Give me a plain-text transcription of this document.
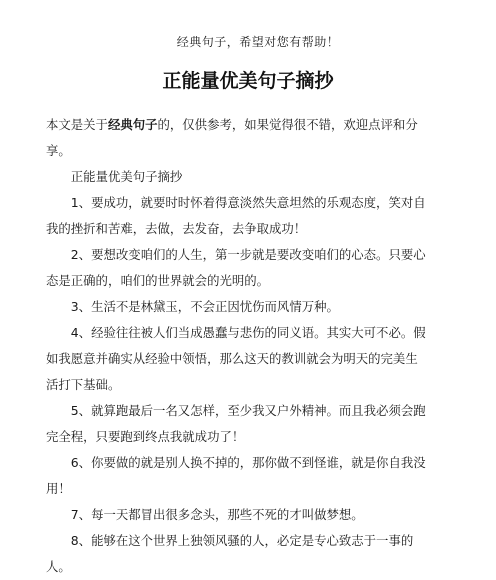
经典句子，希望对您有帮助！
正能量优美句子摘抄

本文是关于经典句子的，仅供参考，如果觉得很不错，欢迎点评和分享。

正能量优美句子摘抄

1、要成功，就要时时怀着得意淡然失意坦然的乐观态度，笑对自我的挫折和苦难，去做，去发奋，去争取成功！

2、要想改变咱们的人生，第一步就是要改变咱们的心态。只要心态是正确的，咱们的世界就会的光明的。

3、生活不是林黛玉，不会正因忧伤而风情万种。

4、经验往往被人们当成愚蠢与悲伤的同义语。其实大可不必。假如我愿意并确实从经验中领悟，那么这天的教训就会为明天的完美生活打下基础。

5、就算跑最后一名又怎样，至少我又户外精神。而且我必须会跑完全程，只要跑到终点我就成功了！

6、你要做的就是别人换不掉的，那你做不到怪谁，就是你自我没用！

7、每一天都冒出很多念头，那些不死的才叫做梦想。

8、能够在这个世界上独领风骚的人，必定是专心致志于一事的人。
